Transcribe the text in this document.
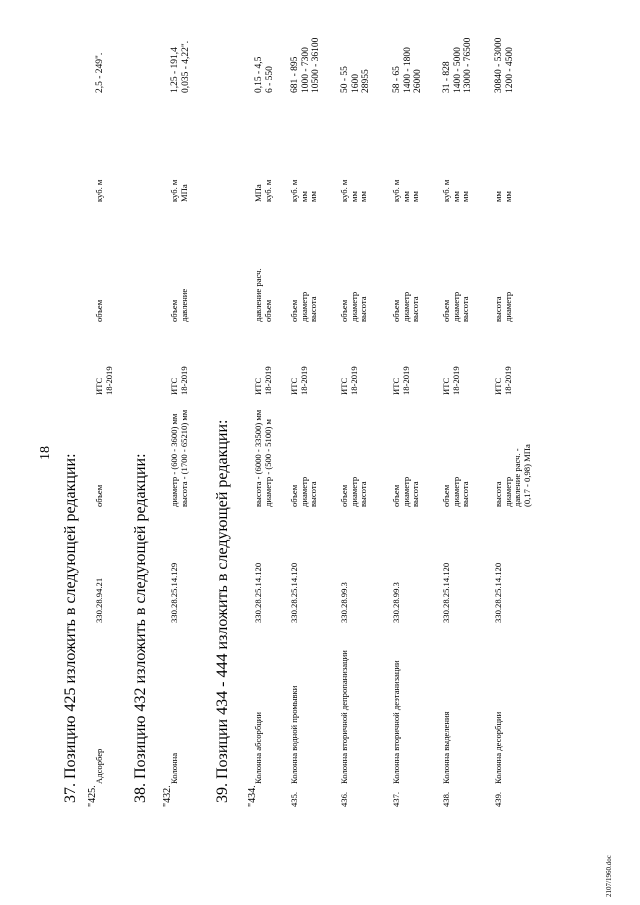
18
37. Позицию 425 изложить в следующей редакции:	38. Позицию 432 изложить в следующей редакции:	39. Позиции 434 - 444 изложить в следующей редакции:
"425.
Адсорбер
330.28.94.21
объем
ИТС 18-2019
объем
куб. м
2,5 - 249".
"432.
Колонна
330.28.25.14.129
диаметр - (600 - 3600) мм высота - (1700 - 65210) мм
ИТС 18-2019
объем давление
куб. м МПа
1,25 - 191,4 0,035 - 4,22".
"434.
Колонна абсорбции
330.28.25.14.120
высота - (6000 - 33500) мм диаметр - (500 - 5100) м
ИТС 18-2019
давление расч. объем
МПа куб. м
0,15 - 4,5 6 - 550
435.
Колонна водной промывки
330.28.25.14.120
объем диаметр высота
ИТС 18-2019
объем диаметр высота
куб. м мм мм
681 - 895 1000 - 7300 10500 - 36100
436.
Колонна вторичной депропанизации
330.28.99.3
объем диаметр высота
ИТС 18-2019
объем диаметр высота
куб. м мм мм
50 - 55 1600 28955
437.
Колонна вторичной деэтанизации
330.28.99.3
объем диаметр высота
ИТС 18-2019
объем диаметр высота
куб. м мм мм
58 - 65 1400 - 1800 26000
438.
Колонна выделения
330.28.25.14.120
объем диаметр высота
ИТС 18-2019
объем диаметр высота
куб. м мм мм
31 - 828 1400 - 5000 13000 - 76500
439.
Колонна десорбции
330.28.25.14.120
высота диаметр давление расч. - (0,17 - 0,98) МПа
ИТС 18-2019
высота диаметр
мм мм
30840 - 53000 1200 - 4500
2107/1960.doc
